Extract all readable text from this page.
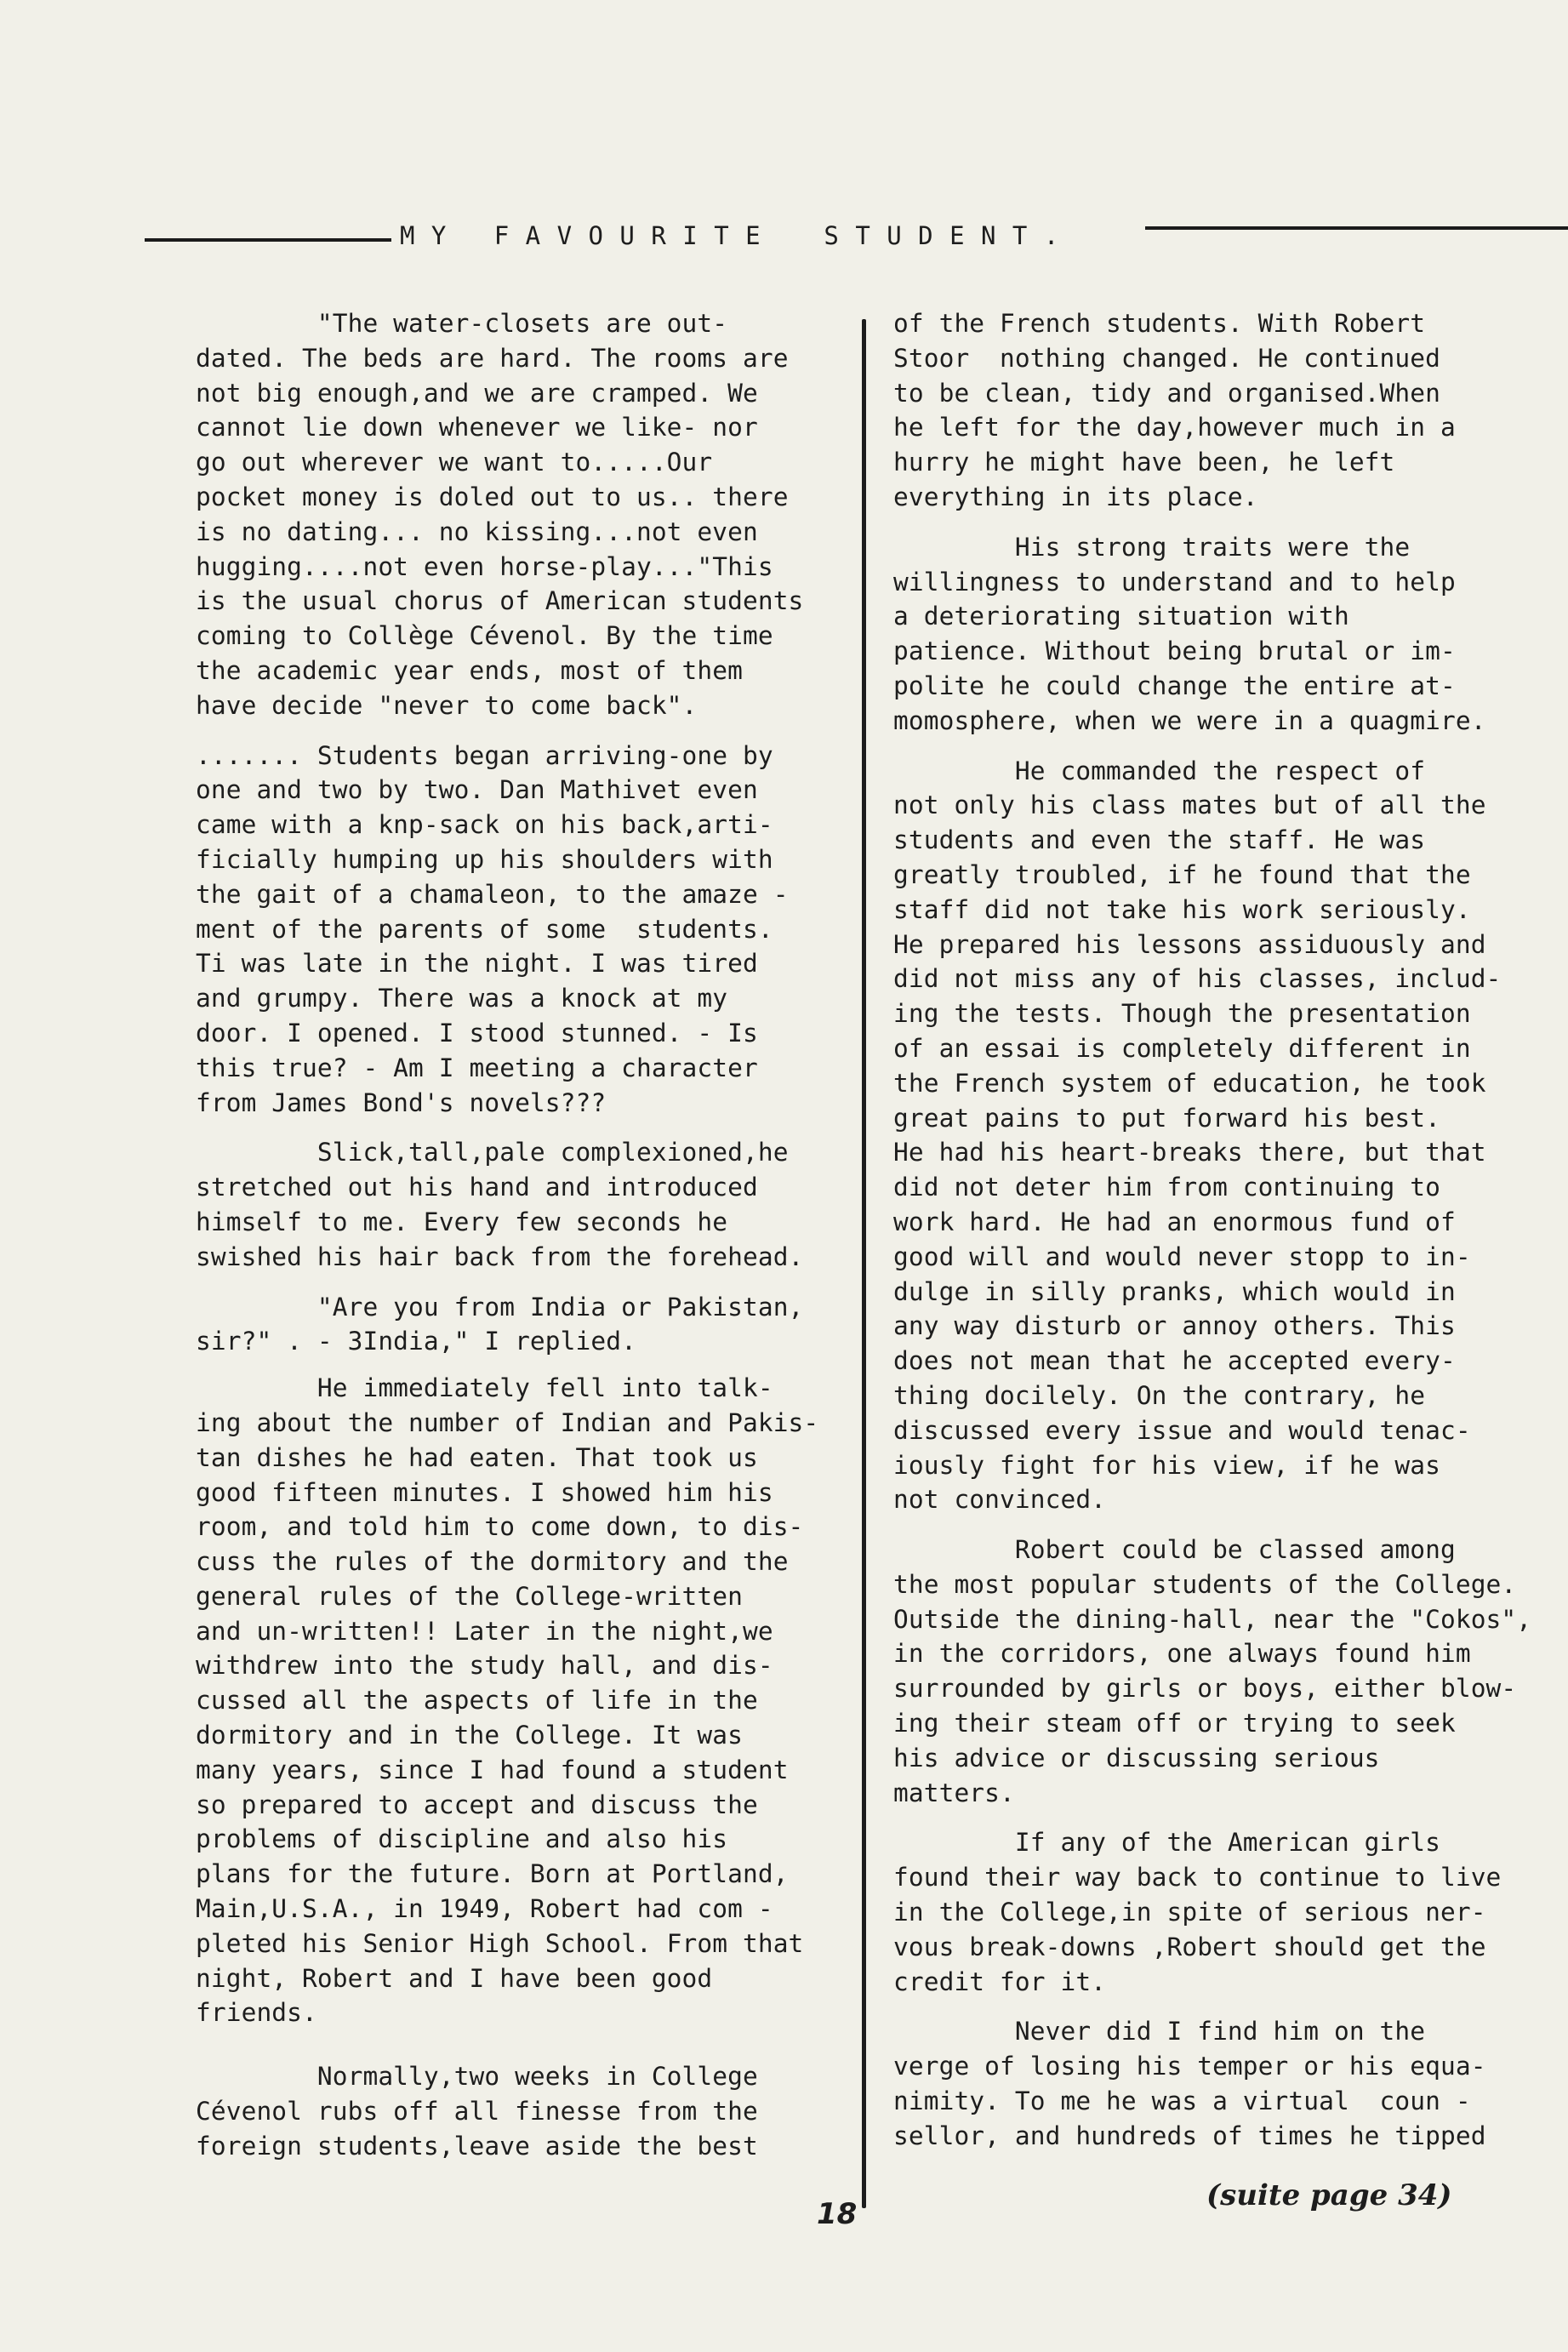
M Y   F A V O U R I T E    S T U D E N T .

"The water-closets are out-
dated. The beds are hard. The rooms are
not big enough,and we are cramped. We
cannot lie down whenever we like- nor
go out wherever we want to.....Our
pocket money is doled out to us.. there
is no dating... no kissing...not even
hugging....not even horse-play..."This
is the usual chorus of American students
coming to Collège Cévenol. By the time
the academic year ends, most of them
have decide "never to come back".

....... Students began arriving-one by
one and two by two. Dan Mathivet even
came with a knp-sack on his back,arti-
ficially humping up his shoulders with
the gait of a chamaleon, to the amaze -
ment of the parents of some  students.
Ti was late in the night. I was tired
and grumpy. There was a knock at my
door. I opened. I stood stunned. - Is
this true? - Am I meeting a character
from James Bond's novels???

Slick,tall,pale complexioned,he
stretched out his hand and introduced
himself to me. Every few seconds he
swished his hair back from the forehead.

"Are you from India or Pakistan,
sir?" . - 3India," I replied.

He immediately fell into talk-
ing about the number of Indian and Pakis-
tan dishes he had eaten. That took us
good fifteen minutes. I showed him his
room, and told him to come down, to dis-
cuss the rules of the dormitory and the
general rules of the College-written
and un-written!! Later in the night,we
withdrew into the study hall, and dis-
cussed all the aspects of life in the
dormitory and in the College. It was
many years, since I had found a student
so prepared to accept and discuss the
problems of discipline and also his
plans for the future. Born at Portland,
Main,U.S.A., in 1949, Robert had com -
pleted his Senior High School. From that
night, Robert and I have been good
friends.

Normally,two weeks in College
Cévenol rubs off all finesse from the
foreign students,leave aside the best

of the French students. With Robert
Stoor  nothing changed. He continued
to be clean, tidy and organised.When
he left for the day,however much in a
hurry he might have been, he left
everything in its place.

His strong traits were the
willingness to understand and to help
a deteriorating situation with
patience. Without being brutal or im-
polite he could change the entire at-
momosphere, when we were in a quagmire.

He commanded the respect of
not only his class mates but of all the
students and even the staff. He was
greatly troubled, if he found that the
staff did not take his work seriously.
He prepared his lessons assiduously and
did not miss any of his classes, includ-
ing the tests. Though the presentation
of an essai is completely different in
the French system of education, he took
great pains to put forward his best.
He had his heart-breaks there, but that
did not deter him from continuing to
work hard. He had an enormous fund of
good will and would never stopp to in-
dulge in silly pranks, which would in
any way disturb or annoy others. This
does not mean that he accepted every-
thing docilely. On the contrary, he
discussed every issue and would tenac-
iously fight for his view, if he was
not convinced.

Robert could be classed among
the most popular students of the College.
Outside the dining-hall, near the "Cokos",
in the corridors, one always found him
surrounded by girls or boys, either blow-
ing their steam off or trying to seek
his advice or discussing serious
matters.

If any of the American girls
found their way back to continue to live
in the College,in spite of serious ner-
vous break-downs ,Robert should get the
credit for it.

Never did I find him on the
verge of losing his temper or his equa-
nimity. To me he was a virtual  coun -
sellor, and hundreds of times he tipped

18
(suite page 34)
